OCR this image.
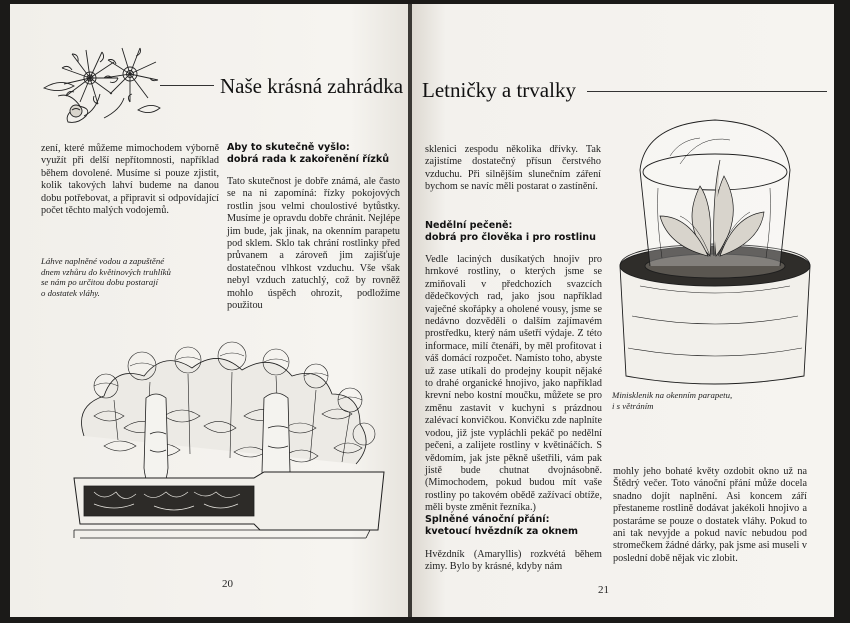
Naše krásná zahrádka
zení, které můžeme mimochodem výborně využít při delší nepřítomnosti, například během dovolené. Musíme si pouze zjistit, kolik takových lahví budeme na danou dobu potřebovat, a připravit si odpovídající počet těchto malých vodojemů.
Láhve naplněné vodou a zapuštěné
dnem vzhůru do květinových truhlíků
se nám po určitou dobu postarají
o dostatek vláhy.
Aby to skutečně vyšlo:
dobrá rada k zakořenění řízků
Tato skutečnost je dobře známá, ale často se na ni zapomíná: řízky pokojových rostlin jsou velmi choulostivé bytůstky. Musíme je opravdu dobře chránit. Nejlépe jim bude, jak jinak, na okenním parapetu pod sklem. Sklo tak chrání rostlinky před průvanem a zároveň jim zajišťuje dostatečnou vlhkost vzduchu. Vše však nebyl vzduch zatuchlý, což by rovněž mohlo úspěch ohrozit, podložíme použitou
20
Letničky a trvalky
sklenici zespodu několika dřívky. Tak zajistíme dostatečný přísun čerstvého vzduchu. Při silnějším slunečním záření bychom se navíc měli postarat o zastínění.
Nedělní pečeně:
dobrá pro člověka i pro rostlinu
Vedle laciných dusíkatých hnojiv pro hrnkové rostliny, o kterých jsme se zmiňovali v předchozích svazcích dědečkových rad, jako jsou například vaječné skořápky a oholené vousy, jsme se nedávno dozvěděli o dalším zajímavém prostředku, který nám ušetří výdaje. Z této informace, milí čtenáři, by měl profitovat i váš domácí rozpočet. Namísto toho, abyste už zase utíkali do prodejny koupit nějaké to drahé organické hnojivo, jako například krevní nebo kostní moučku, můžete se pro změnu zastavit v kuchyni s prázdnou zalévací konvičkou. Konvičku zde naplníte vodou, již jste vypláchli pekáč po nedělní pečeni, a zalijete rostliny v květináčích. S vědomím, jak jste pěkně ušetřili, vám pak jistě bude chutnat dvojnásobně. (Mimochodem, pokud budou mít vaše rostliny po takovém obědě zažívací obtíže, měli byste změnit řezníka.)
Splněné vánoční přání:
kvetoucí hvězdník za oknem
Hvězdník (Amaryllis) rozkvétá během zimy. Bylo by krásné, kdyby nám
Minisklenik na okenním parapetu,
i s větráním
mohly jeho bohaté květy ozdobit okno už na Štědrý večer. Toto vánoční přání může docela snadno dojít naplnění. Asi koncem září přestaneme rostlině dodávat jakékoli hnojivo a postaráme se pouze o dostatek vláhy. Pokud to ani tak nevyjde a pokud navíc nebudou pod stromečkem žádné dárky, pak jsme asi museli v poslední době nějak vic zlobit.
21
